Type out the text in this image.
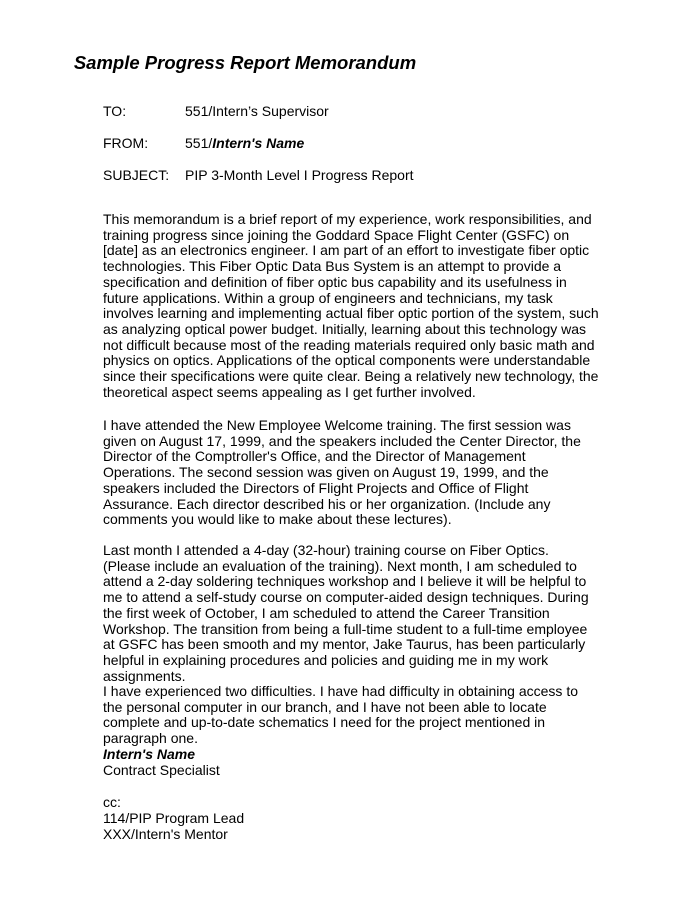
Sample Progress Report Memorandum
TO:	551/Intern’s Supervisor
FROM:	551/Intern's Name
SUBJECT: PIP 3-Month Level I Progress Report

This memorandum is a brief report of my experience, work responsibilities, and training progress since joining the Goddard Space Flight Center (GSFC) on [date] as an electronics engineer. I am part of an effort to investigate fiber optic technologies. This Fiber Optic Data Bus System is an attempt to provide a specification and definition of fiber optic bus capability and its usefulness in future applications. Within a group of engineers and technicians, my task involves learning and implementing actual fiber optic portion of the system, such as analyzing optical power budget. Initially, learning about this technology was not difficult because most of the reading materials required only basic math and physics on optics. Applications of the optical components were understandable since their specifications were quite clear. Being a relatively new technology, the theoretical aspect seems appealing as I get further involved.

I have attended the New Employee Welcome training. The first session was given on August 17, 1999, and the speakers included the Center Director, the Director of the Comptroller's Office, and the Director of Management Operations. The second session was given on August 19, 1999, and the speakers included the Directors of Flight Projects and Office of Flight Assurance. Each director described his or her organization. (Include any comments you would like to make about these lectures).

Last month I attended a 4-day (32-hour) training course on Fiber Optics. (Please include an evaluation of the training). Next month, I am scheduled to attend a 2-day soldering techniques workshop and I believe it will be helpful to me to attend a self-study course on computer-aided design techniques. During the first week of October, I am scheduled to attend the Career Transition Workshop. The transition from being a full-time student to a full-time employee at GSFC has been smooth and my mentor, Jake Taurus, has been particularly helpful in explaining procedures and policies and guiding me in my work assignments.

I have experienced two difficulties. I have had difficulty in obtaining access to the personal computer in our branch, and I have not been able to locate complete and up-to-date schematics I need for the project mentioned in paragraph one.

Intern's Name
Contract Specialist
cc:
114/PIP Program Lead
XXX/Intern's Mentor
